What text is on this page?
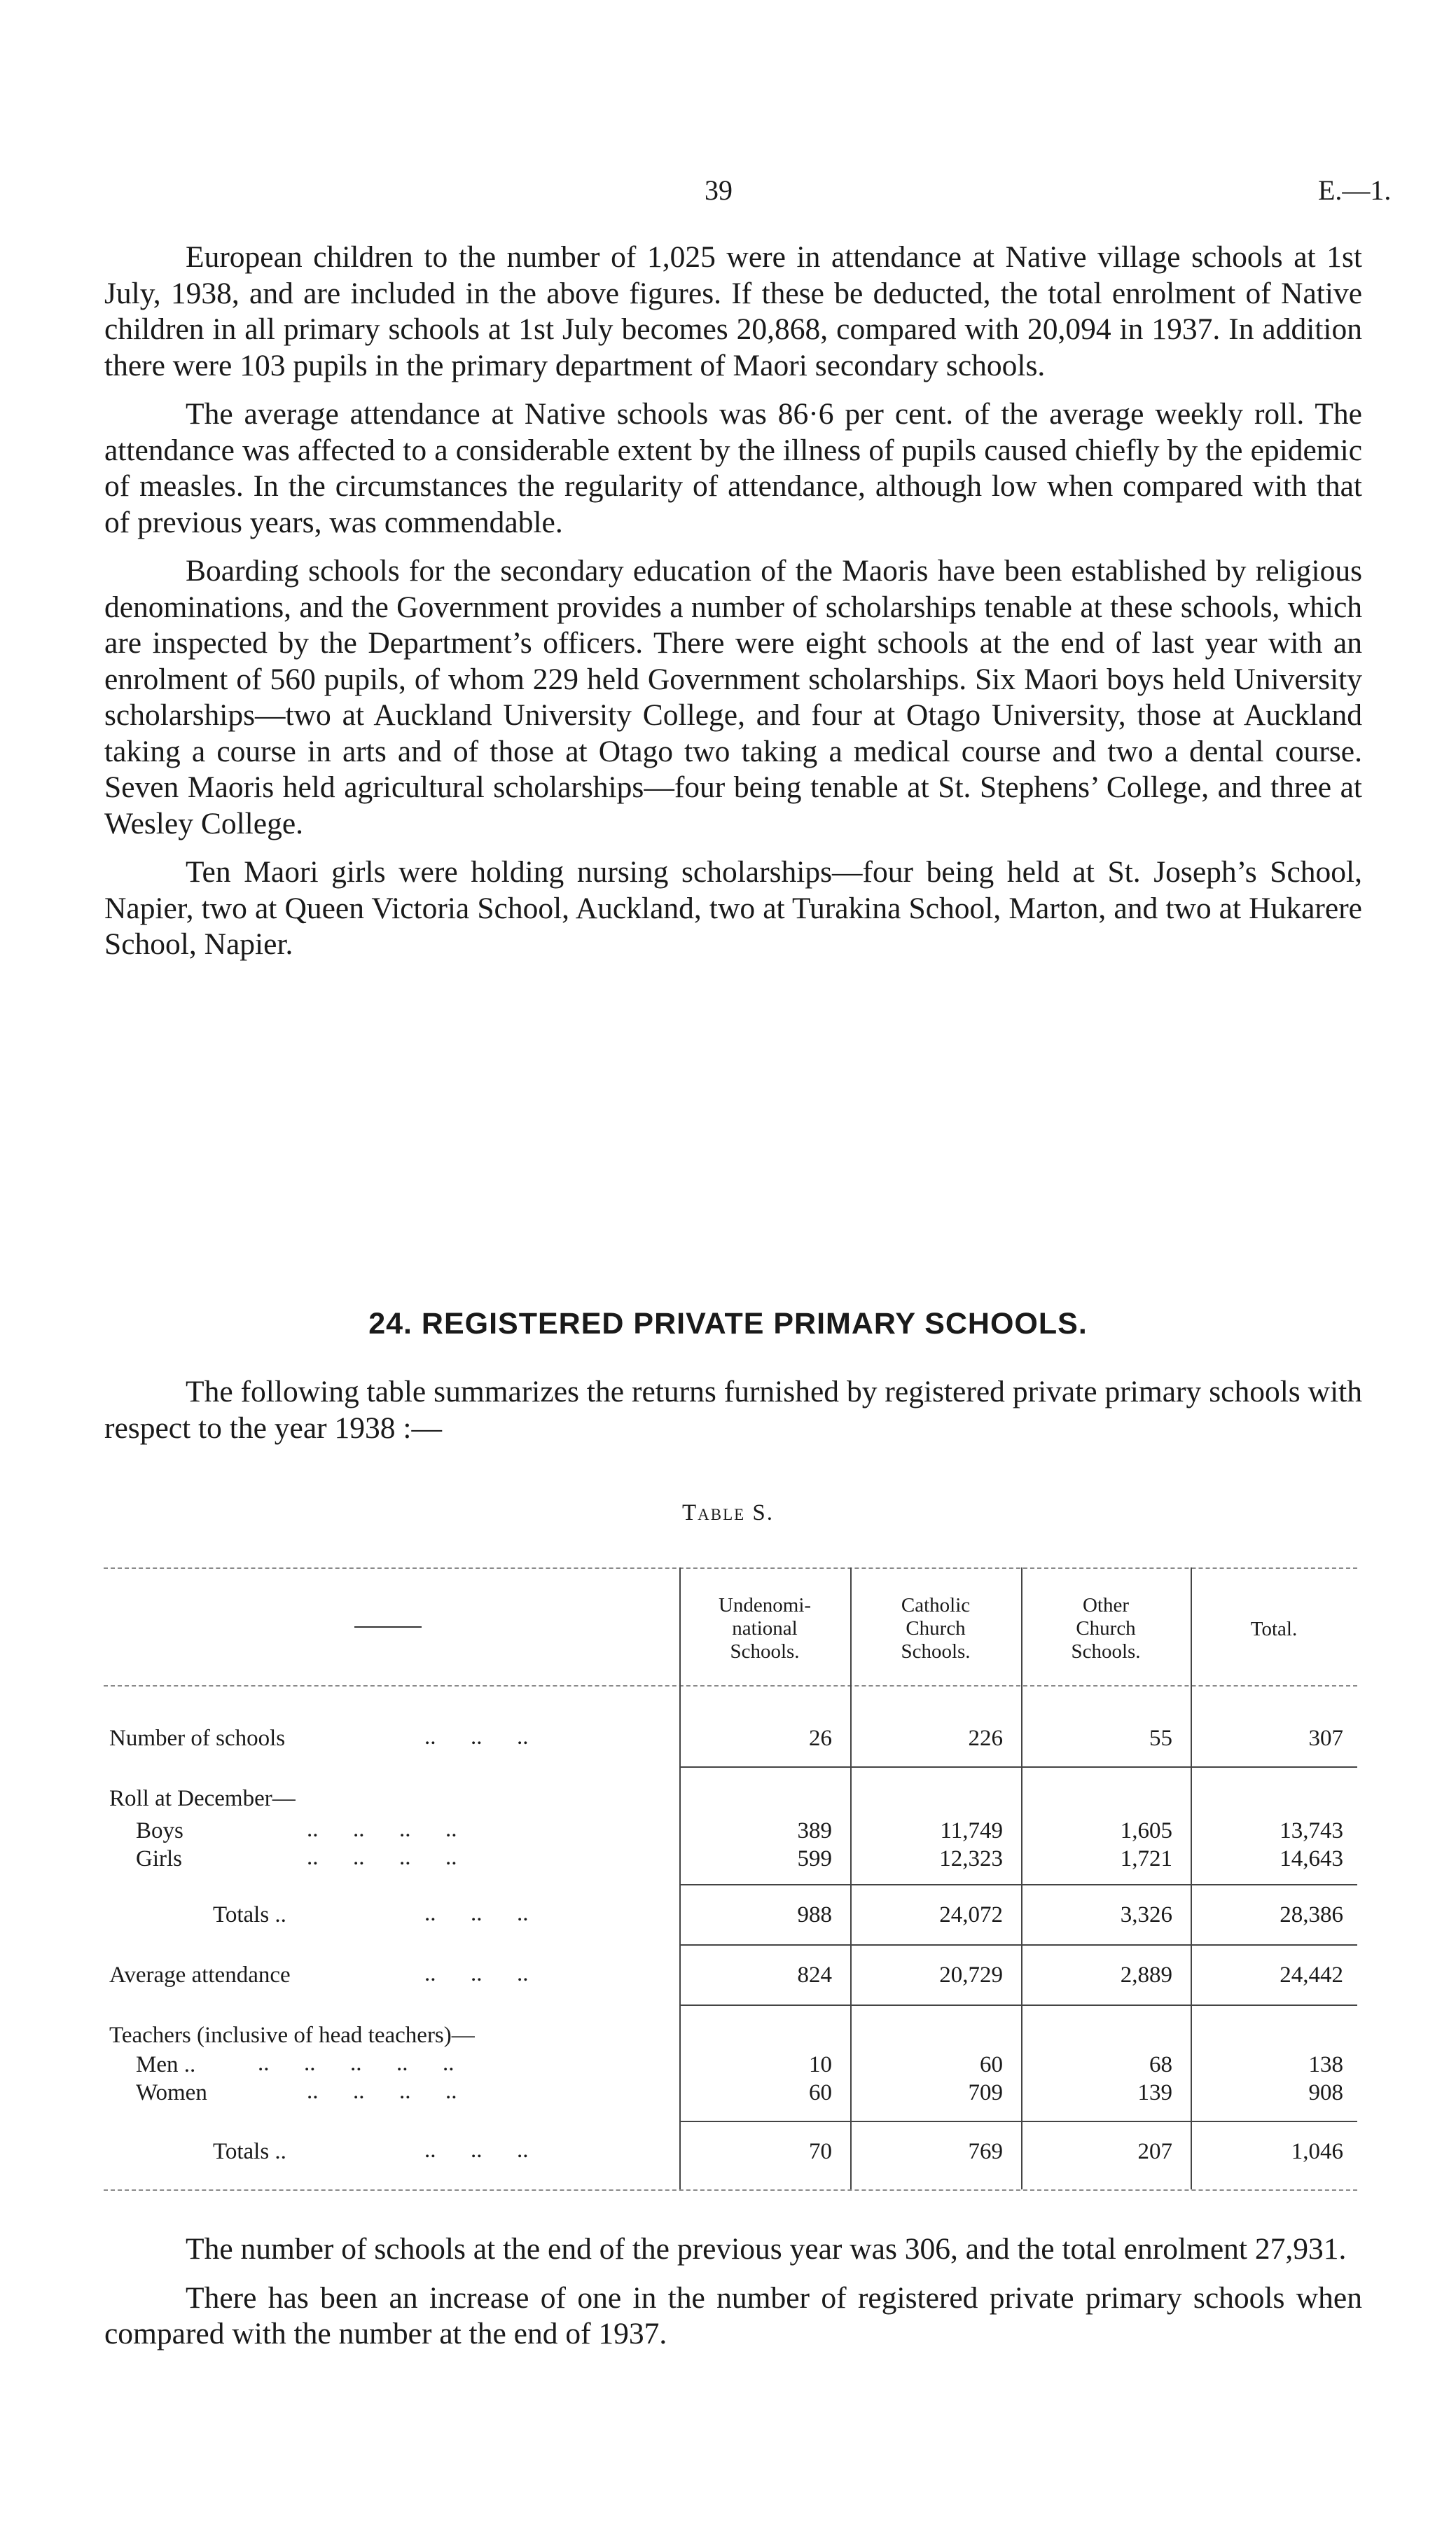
39	E.—1.

European children to the number of 1,025 were in attendance at Native village schools at 1st July, 1938, and are included in the above figures. If these be deducted, the total enrolment of Native children in all primary schools at 1st July becomes 20,868, compared with 20,094 in 1937. In addition there were 103 pupils in the primary department of Maori secondary schools.

The average attendance at Native schools was 86·6 per cent. of the average weekly roll. The attendance was affected to a considerable extent by the illness of pupils caused chiefly by the epidemic of measles. In the circumstances the regularity of attendance, although low when compared with that of previous years, was commendable.

Boarding schools for the secondary education of the Maoris have been established by religious denominations, and the Government provides a number of scholarships tenable at these schools, which are inspected by the Department’s officers. There were eight schools at the end of last year with an enrolment of 560 pupils, of whom 229 held Government scholarships. Six Maori boys held University scholarships—two at Auckland University College, and four at Otago University, those at Auckland taking a course in arts and of those at Otago two taking a medical course and two a dental course. Seven Maoris held agricultural scholarships—four being tenable at St. Stephens’ College, and three at Wesley College.

Ten Maori girls were holding nursing scholarships—four being held at St. Joseph’s School, Napier, two at Queen Victoria School, Auckland, two at Turakina School, Marton, and two at Hukarere School, Napier.

24. REGISTERED PRIVATE PRIMARY SCHOOLS.

The following table summarizes the returns furnished by registered private primary schools with respect to the year 1938 :—

Table S.
Undenomi-
national
Schools.
Catholic
Church
Schools.
Other
Church
Schools.
Total.
Number of schools	..      ..      ..	26	226	55	307
Roll at December—
Boys	..      ..      ..      ..	389	11,749	1,605	13,743
Girls	..      ..      ..      ..	599	12,323	1,721	14,643
Totals ..	..      ..      ..	988	24,072	3,326	28,386
Average attendance	..      ..      ..	824	20,729	2,889	24,442
Teachers (inclusive of head teachers)—
Men ..	..      ..      ..      ..      ..	10	60	68	138
Women	..      ..      ..      ..	60	709	139	908
Totals ..	..      ..      ..	70	769	207	1,046

The number of schools at the end of the previous year was 306, and the total enrolment 27,931.

There has been an increase of one in the number of registered private primary schools when compared with the number at the end of 1937.
